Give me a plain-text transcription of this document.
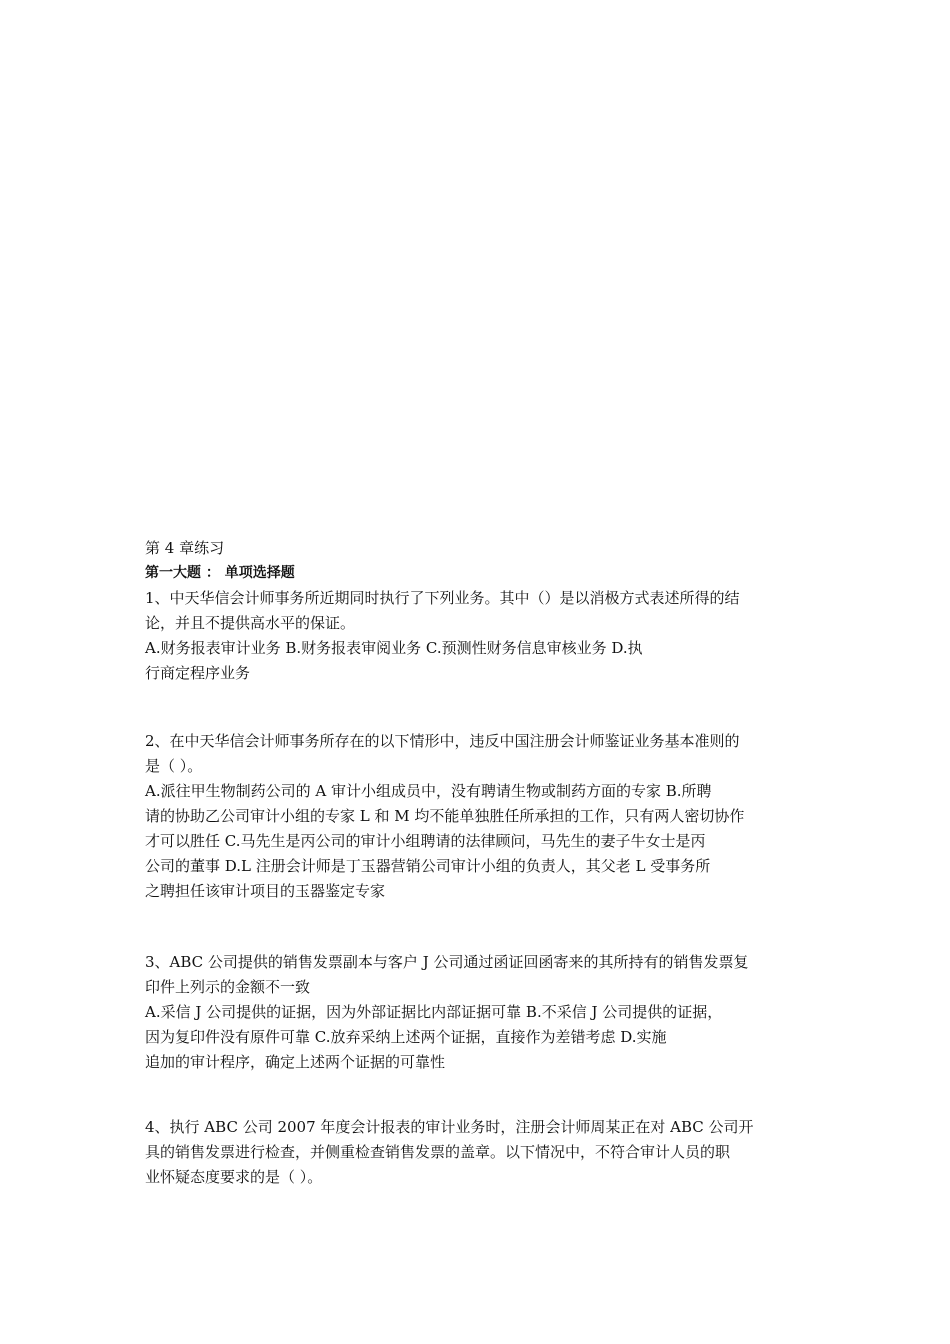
第 4 章练习
第一大题 ： 单项选择题
1、中天华信会计师事务所近期同时执行了下列业务。其中（）是以消极方式表述所得的结
论，并且不提供高水平的保证。
A.财务报表审计业务 B.财务报表审阅业务 C.预测性财务信息审核业务 D.执
行商定程序业务
2、在中天华信会计师事务所存在的以下情形中，违反中国注册会计师鉴证业务基本准则的
是（ ）。
A.派往甲生物制药公司的 A 审计小组成员中，没有聘请生物或制药方面的专家 B.所聘
请的协助乙公司审计小组的专家 L 和 M 均不能单独胜任所承担的工作，只有两人密切协作
才可以胜任 C.马先生是丙公司的审计小组聘请的法律顾问，马先生的妻子牛女士是丙
公司的董事 D.L 注册会计师是丁玉器营销公司审计小组的负责人，其父老 L 受事务所
之聘担任该审计项目的玉器鉴定专家
3、ABC 公司提供的销售发票副本与客户 J 公司通过函证回函寄来的其所持有的销售发票复
印件上列示的金额不一致
A.采信 J 公司提供的证据，因为外部证据比内部证据可靠 B.不采信 J 公司提供的证据，
因为复印件没有原件可靠 C.放弃采纳上述两个证据，直接作为差错考虑 D.实施
追加的审计程序，确定上述两个证据的可靠性
4、执行 ABC 公司 2007 年度会计报表的审计业务时，注册会计师周某正在对 ABC 公司开
具的销售发票进行检查，并侧重检查销售发票的盖章。以下情况中，不符合审计人员的职
业怀疑态度要求的是（ ）。
